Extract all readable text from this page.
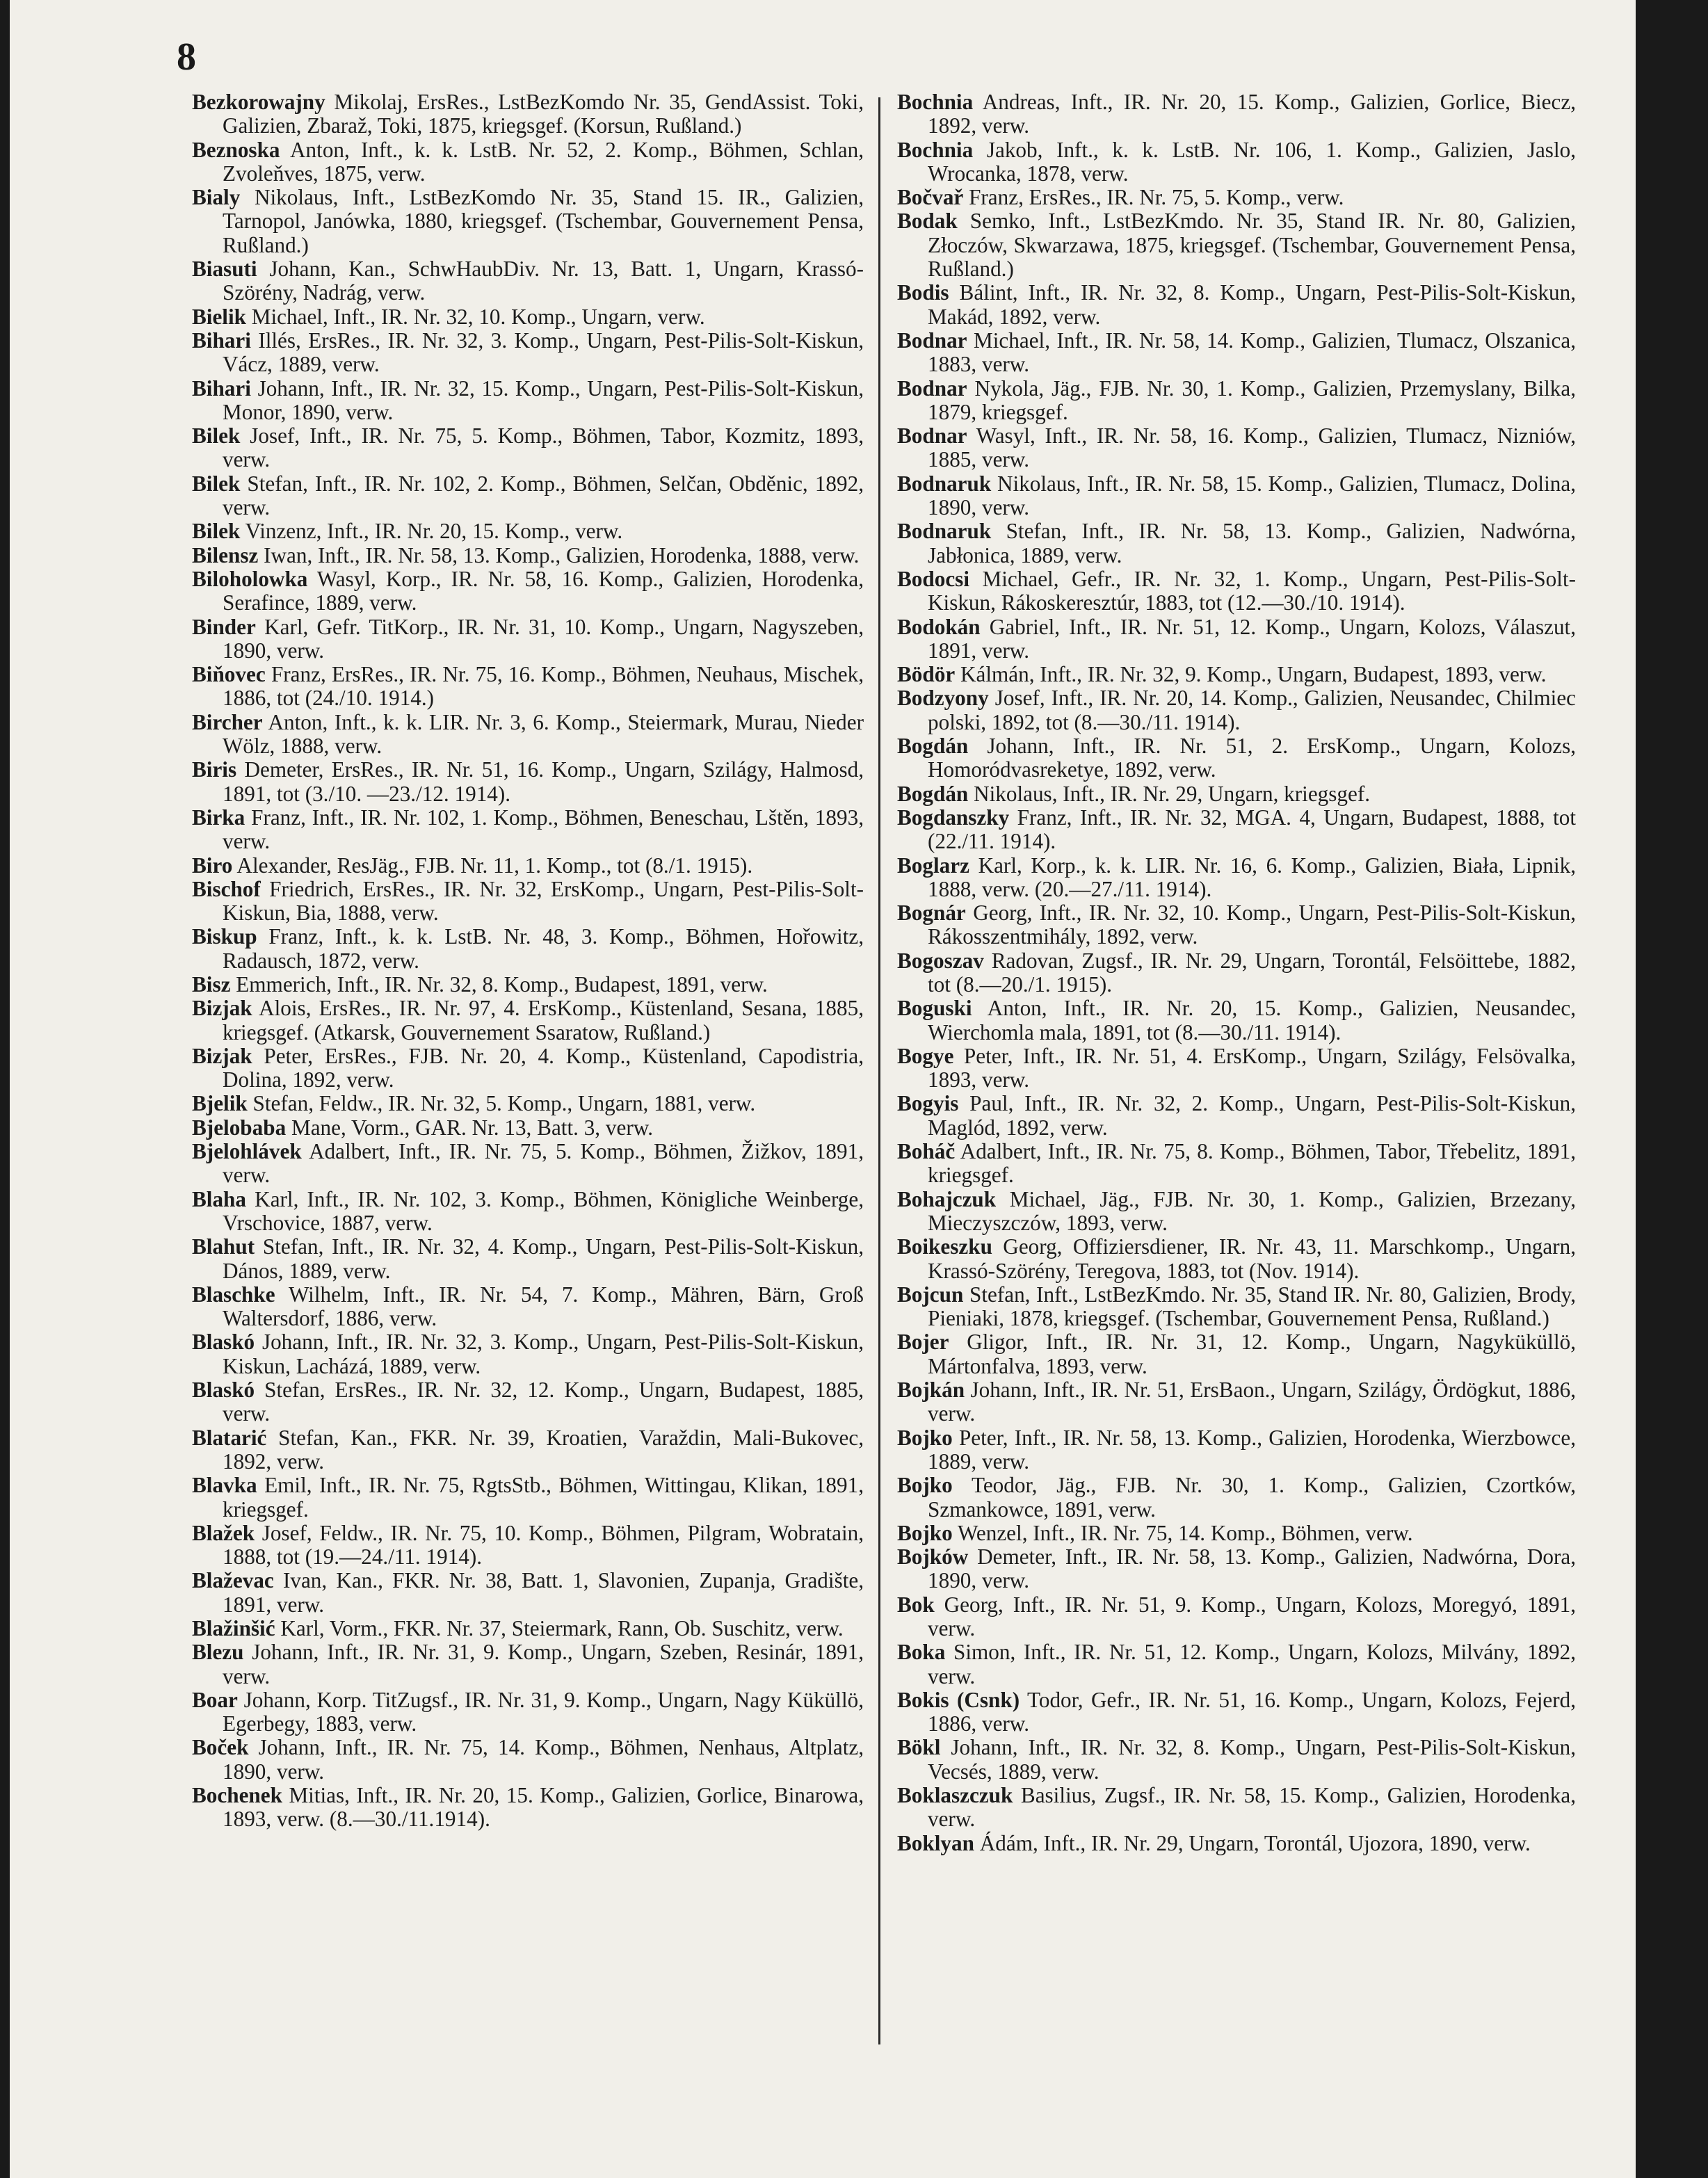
8
Bezkorowajny Mikolaj, ErsRes., LstBezKomdo Nr. 35, GendAssist. Toki, Galizien, Zbaraž, Toki, 1875, kriegsgef. (Korsun, Rußland.)
Beznoska Anton, Inft., k. k. LstB. Nr. 52, 2. Komp., Böhmen, Schlan, Zvoleňves, 1875, verw.
Bialy Nikolaus, Inft., LstBezKomdo Nr. 35, Stand 15. IR., Galizien, Tarnopol, Janówka, 1880, kriegsgef. (Tschembar, Gouvernement Pensa, Rußland.)
Biasuti Johann, Kan., SchwHaubDiv. Nr. 13, Batt. 1, Ungarn, Krassó-Szörény, Nadrág, verw.
Bielik Michael, Inft., IR. Nr. 32, 10. Komp., Ungarn, verw.
Bihari Illés, ErsRes., IR. Nr. 32, 3. Komp., Ungarn, Pest-Pilis-Solt-Kiskun, Vácz, 1889, verw.
Bihari Johann, Inft., IR. Nr. 32, 15. Komp., Ungarn, Pest-Pilis-Solt-Kiskun, Monor, 1890, verw.
Bilek Josef, Inft., IR. Nr. 75, 5. Komp., Böhmen, Tabor, Kozmitz, 1893, verw.
Bilek Stefan, Inft., IR. Nr. 102, 2. Komp., Böhmen, Selčan, Obděnic, 1892, verw.
Bilek Vinzenz, Inft., IR. Nr. 20, 15. Komp., verw.
Bilensz Iwan, Inft., IR. Nr. 58, 13. Komp., Galizien, Horodenka, 1888, verw.
Biloholowka Wasyl, Korp., IR. Nr. 58, 16. Komp., Galizien, Horodenka, Serafince, 1889, verw.
Binder Karl, Gefr. TitKorp., IR. Nr. 31, 10. Komp., Ungarn, Nagyszeben, 1890, verw.
Biňovec Franz, ErsRes., IR. Nr. 75, 16. Komp., Böhmen, Neuhaus, Mischek, 1886, tot (24./10. 1914.)
Bircher Anton, Inft., k. k. LIR. Nr. 3, 6. Komp., Steiermark, Murau, Nieder Wölz, 1888, verw.
Biris Demeter, ErsRes., IR. Nr. 51, 16. Komp., Ungarn, Szilágy, Halmosd, 1891, tot (3./10. —23./12. 1914).
Birka Franz, Inft., IR. Nr. 102, 1. Komp., Böhmen, Beneschau, Lštěn, 1893, verw.
Biro Alexander, ResJäg., FJB. Nr. 11, 1. Komp., tot (8./1. 1915).
Bischof Friedrich, ErsRes., IR. Nr. 32, ErsKomp., Ungarn, Pest-Pilis-Solt-Kiskun, Bia, 1888, verw.
Biskup Franz, Inft., k. k. LstB. Nr. 48, 3. Komp., Böhmen, Hořowitz, Radausch, 1872, verw.
Bisz Emmerich, Inft., IR. Nr. 32, 8. Komp., Budapest, 1891, verw.
Bizjak Alois, ErsRes., IR. Nr. 97, 4. ErsKomp., Küstenland, Sesana, 1885, kriegsgef. (Atkarsk, Gouvernement Ssaratow, Rußland.)
Bizjak Peter, ErsRes., FJB. Nr. 20, 4. Komp., Küstenland, Capodistria, Dolina, 1892, verw.
Bjelik Stefan, Feldw., IR. Nr. 32, 5. Komp., Ungarn, 1881, verw.
Bjelobaba Mane, Vorm., GAR. Nr. 13, Batt. 3, verw.
Bjelohlávek Adalbert, Inft., IR. Nr. 75, 5. Komp., Böhmen, Žižkov, 1891, verw.
Blaha Karl, Inft., IR. Nr. 102, 3. Komp., Böhmen, Königliche Weinberge, Vrschovice, 1887, verw.
Blahut Stefan, Inft., IR. Nr. 32, 4. Komp., Ungarn, Pest-Pilis-Solt-Kiskun, Dános, 1889, verw.
Blaschke Wilhelm, Inft., IR. Nr. 54, 7. Komp., Mähren, Bärn, Groß Waltersdorf, 1886, verw.
Blaskó Johann, Inft., IR. Nr. 32, 3. Komp., Ungarn, Pest-Pilis-Solt-Kiskun, Kiskun, Lacházá, 1889, verw.
Blaskó Stefan, ErsRes., IR. Nr. 32, 12. Komp., Ungarn, Budapest, 1885, verw.
Blatarić Stefan, Kan., FKR. Nr. 39, Kroatien, Varaždin, Mali-Bukovec, 1892, verw.
Blavka Emil, Inft., IR. Nr. 75, RgtsStb., Böhmen, Wittingau, Klikan, 1891, kriegsgef.
Blažek Josef, Feldw., IR. Nr. 75, 10. Komp., Böhmen, Pilgram, Wobratain, 1888, tot (19.—24./11. 1914).
Blaževac Ivan, Kan., FKR. Nr. 38, Batt. 1, Slavonien, Zupanja, Gradište, 1891, verw.
Blažinšić Karl, Vorm., FKR. Nr. 37, Steiermark, Rann, Ob. Suschitz, verw.
Blezu Johann, Inft., IR. Nr. 31, 9. Komp., Ungarn, Szeben, Resinár, 1891, verw.
Boar Johann, Korp. TitZugsf., IR. Nr. 31, 9. Komp., Ungarn, Nagy Küküllö, Egerbegy, 1883, verw.
Boček Johann, Inft., IR. Nr. 75, 14. Komp., Böhmen, Nenhaus, Altplatz, 1890, verw.
Bochenek Mitias, Inft., IR. Nr. 20, 15. Komp., Galizien, Gorlice, Binarowa, 1893, verw. (8.—30./11.1914).
Bochnia Andreas, Inft., IR. Nr. 20, 15. Komp., Galizien, Gorlice, Biecz, 1892, verw.
Bochnia Jakob, Inft., k. k. LstB. Nr. 106, 1. Komp., Galizien, Jaslo, Wrocanka, 1878, verw.
Bočvař Franz, ErsRes., IR. Nr. 75, 5. Komp., verw.
Bodak Semko, Inft., LstBezKmdo. Nr. 35, Stand IR. Nr. 80, Galizien, Złoczów, Skwarzawa, 1875, kriegsgef. (Tschembar, Gouvernement Pensa, Rußland.)
Bodis Bálint, Inft., IR. Nr. 32, 8. Komp., Ungarn, Pest-Pilis-Solt-Kiskun, Makád, 1892, verw.
Bodnar Michael, Inft., IR. Nr. 58, 14. Komp., Galizien, Tlumacz, Olszanica, 1883, verw.
Bodnar Nykola, Jäg., FJB. Nr. 30, 1. Komp., Galizien, Przemyslany, Bilka, 1879, kriegsgef.
Bodnar Wasyl, Inft., IR. Nr. 58, 16. Komp., Galizien, Tlumacz, Nizniów, 1885, verw.
Bodnaruk Nikolaus, Inft., IR. Nr. 58, 15. Komp., Galizien, Tlumacz, Dolina, 1890, verw.
Bodnaruk Stefan, Inft., IR. Nr. 58, 13. Komp., Galizien, Nadwórna, Jabłonica, 1889, verw.
Bodocsi Michael, Gefr., IR. Nr. 32, 1. Komp., Ungarn, Pest-Pilis-Solt-Kiskun, Rákoskeresztúr, 1883, tot (12.—30./10. 1914).
Bodokán Gabriel, Inft., IR. Nr. 51, 12. Komp., Ungarn, Kolozs, Válaszut, 1891, verw.
Bödör Kálmán, Inft., IR. Nr. 32, 9. Komp., Ungarn, Budapest, 1893, verw.
Bodzyony Josef, Inft., IR. Nr. 20, 14. Komp., Galizien, Neusandec, Chilmiec polski, 1892, tot (8.—30./11. 1914).
Bogdán Johann, Inft., IR. Nr. 51, 2. ErsKomp., Ungarn, Kolozs, Homoródvasreketye, 1892, verw.
Bogdán Nikolaus, Inft., IR. Nr. 29, Ungarn, kriegsgef.
Bogdanszky Franz, Inft., IR. Nr. 32, MGA. 4, Ungarn, Budapest, 1888, tot (22./11. 1914).
Boglarz Karl, Korp., k. k. LIR. Nr. 16, 6. Komp., Galizien, Biała, Lipnik, 1888, verw. (20.—27./11. 1914).
Bognár Georg, Inft., IR. Nr. 32, 10. Komp., Ungarn, Pest-Pilis-Solt-Kiskun, Rákosszentmihály, 1892, verw.
Bogoszav Radovan, Zugsf., IR. Nr. 29, Ungarn, Torontál, Felsöittebe, 1882, tot (8.—20./1. 1915).
Boguski Anton, Inft., IR. Nr. 20, 15. Komp., Galizien, Neusandec, Wierchomla mala, 1891, tot (8.—30./11. 1914).
Bogye Peter, Inft., IR. Nr. 51, 4. ErsKomp., Ungarn, Szilágy, Felsövalka, 1893, verw.
Bogyis Paul, Inft., IR. Nr. 32, 2. Komp., Ungarn, Pest-Pilis-Solt-Kiskun, Maglód, 1892, verw.
Boháč Adalbert, Inft., IR. Nr. 75, 8. Komp., Böhmen, Tabor, Třebelitz, 1891, kriegsgef.
Bohajczuk Michael, Jäg., FJB. Nr. 30, 1. Komp., Galizien, Brzezany, Mieczyszczów, 1893, verw.
Boikeszku Georg, Offiziersdiener, IR. Nr. 43, 11. Marschkomp., Ungarn, Krassó-Szörény, Teregova, 1883, tot (Nov. 1914).
Bojcun Stefan, Inft., LstBezKmdo. Nr. 35, Stand IR. Nr. 80, Galizien, Brody, Pieniaki, 1878, kriegsgef. (Tschembar, Gouvernement Pensa, Rußland.)
Bojer Gligor, Inft., IR. Nr. 31, 12. Komp., Ungarn, Nagyküküllö, Mártonfalva, 1893, verw.
Bojkán Johann, Inft., IR. Nr. 51, ErsBaon., Ungarn, Szilágy, Ördögkut, 1886, verw.
Bojko Peter, Inft., IR. Nr. 58, 13. Komp., Galizien, Horodenka, Wierzbowce, 1889, verw.
Bojko Teodor, Jäg., FJB. Nr. 30, 1. Komp., Galizien, Czortków, Szmankowce, 1891, verw.
Bojko Wenzel, Inft., IR. Nr. 75, 14. Komp., Böhmen, verw.
Bojków Demeter, Inft., IR. Nr. 58, 13. Komp., Galizien, Nadwórna, Dora, 1890, verw.
Bok Georg, Inft., IR. Nr. 51, 9. Komp., Ungarn, Kolozs, Moregyó, 1891, verw.
Boka Simon, Inft., IR. Nr. 51, 12. Komp., Ungarn, Kolozs, Milvány, 1892, verw.
Bokis (Csnk) Todor, Gefr., IR. Nr. 51, 16. Komp., Ungarn, Kolozs, Fejerd, 1886, verw.
Bökl Johann, Inft., IR. Nr. 32, 8. Komp., Ungarn, Pest-Pilis-Solt-Kiskun, Vecsés, 1889, verw.
Boklaszczuk Basilius, Zugsf., IR. Nr. 58, 15. Komp., Galizien, Horodenka, verw.
Boklyan Ádám, Inft., IR. Nr. 29, Ungarn, Torontál, Ujozora, 1890, verw.
